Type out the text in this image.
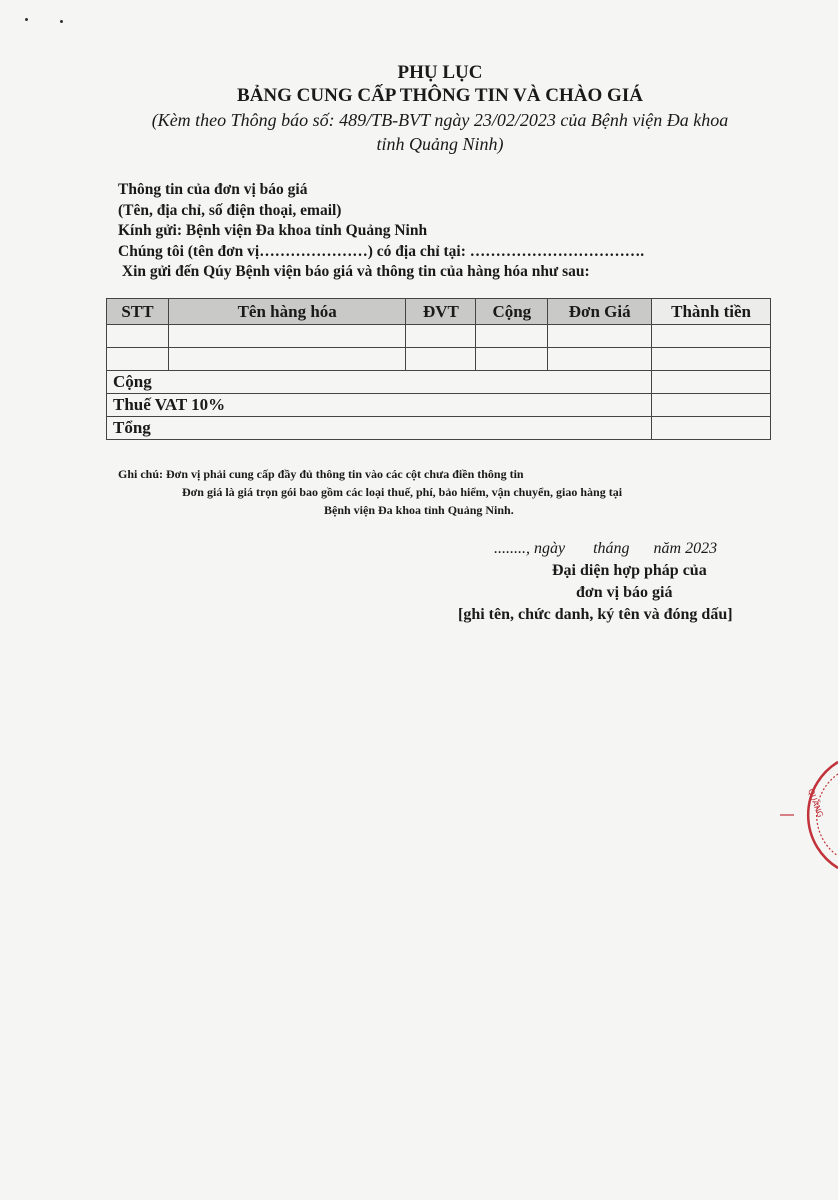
PHỤ LỤC
BẢNG CUNG CẤP THÔNG TIN VÀ CHÀO GIÁ
(Kèm theo Thông báo số: 489/TB-BVT ngày 23/02/2023 của Bệnh viện Đa khoa
tỉnh Quảng Ninh)
Thông tin của đơn vị báo giá
(Tên, địa chỉ, số điện thoại, email)
Kính gửi: Bệnh viện Đa khoa tỉnh Quảng Ninh
Chúng tôi (tên đơn vị…………………) có địa chỉ tại: …………………………….
Xin gửi đến Qúy Bệnh viện báo giá và thông tin của hàng hóa như sau:
STT	Tên hàng hóa	ĐVT	Cộng	Đơn Giá	Thành tiền

Cộng					
Thuế VAT 10%					
Tổng					
Ghi chú: Đơn vị phải cung cấp đầy đủ thông tin vào các cột chưa điền thông tin
Đơn giá là giá trọn gói bao gồm các loại thuế, phí, bảo hiểm, vận chuyển, giao hàng tại
Bệnh viện Đa khoa tỉnh Quảng Ninh.
........, ngày       tháng      năm 2023
Đại diện hợp pháp của
đơn vị báo giá
[ghi tên, chức danh, ký tên và đóng dấu]
QUẢNG
